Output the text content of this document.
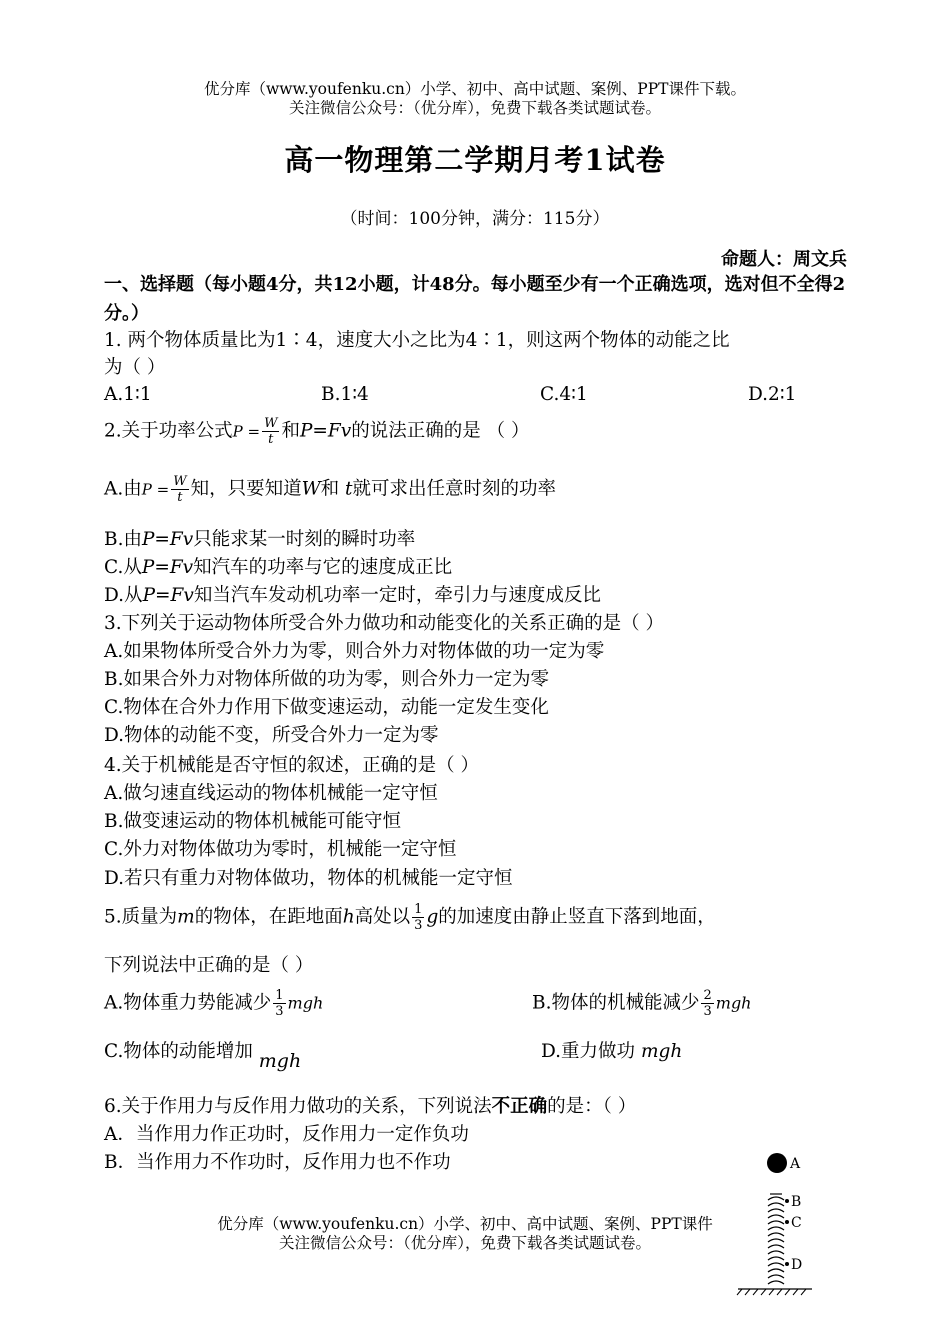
优分库（www.youfenku.cn）小学、初中、高中试题、案例、PPT课件下载。
关注微信公众号：（优分库），免费下载各类试题试卷。
高一物理第二学期月考1试卷
（时间：100分钟，满分：115分）
命题人：周文兵
一、选择题（每小题4分，共12小题，计48分。每小题至少有一个正确选项，选对但不全得2分。）
1. 两个物体质量比为1∶4，速度大小之比为4∶1，则这两个物体的动能之比
为（ ）
A.1∶1	B.1∶4	C.4∶1	D.2∶1
2.关于功率公式$P = \frac{W}{t}$ 和P=Fv的说法正确的是 （ ）
A.由$P = \frac{W}{t}$ 知，只要知道W和 t就可求出任意时刻的功率
B.由P=Fv只能求某一时刻的瞬时功率
C.从P=Fv知汽车的功率与它的速度成正比
D.从P=Fv知当汽车发动机功率一定时，牵引力与速度成反比
3.下列关于运动物体所受合外力做功和动能变化的关系正确的是（ ）
A.如果物体所受合外力为零，则合外力对物体做的功一定为零
B.如果合外力对物体所做的功为零，则合外力一定为零
C.物体在合外力作用下做变速运动，动能一定发生变化
D.物体的动能不变，所受合外力一定为零
4.关于机械能是否守恒的叙述，正确的是（ ）
A.做匀速直线运动的物体机械能一定守恒
B.做变速运动的物体机械能可能守恒
C.外力对物体做功为零时，机械能一定守恒
D.若只有重力对物体做功，物体的机械能一定守恒
5.质量为m的物体，在距地面h高处以 $\frac{1}{3}$ g的加速度由静止竖直下落到地面，
下列说法中正确的是（ ）
A.物体重力势能减少 $\frac{1}{3}$ mgh	B.物体的机械能减少 $\frac{2}{3}$ mgh
C.物体的动能增加 mgh	D.重力做功 mgh
6.关于作用力与反作用力做功的关系，下列说法不正确的是：（ ）
A．当作用力作正功时，反作用力一定作负功
B．当作用力不作功时，反作用力也不作功	A
B
C
D
优分库（www.youfenku.cn）小学、初中、高中试题、案例、PPT课件
关注微信公众号：（优分库），免费下载各类试题试卷。
